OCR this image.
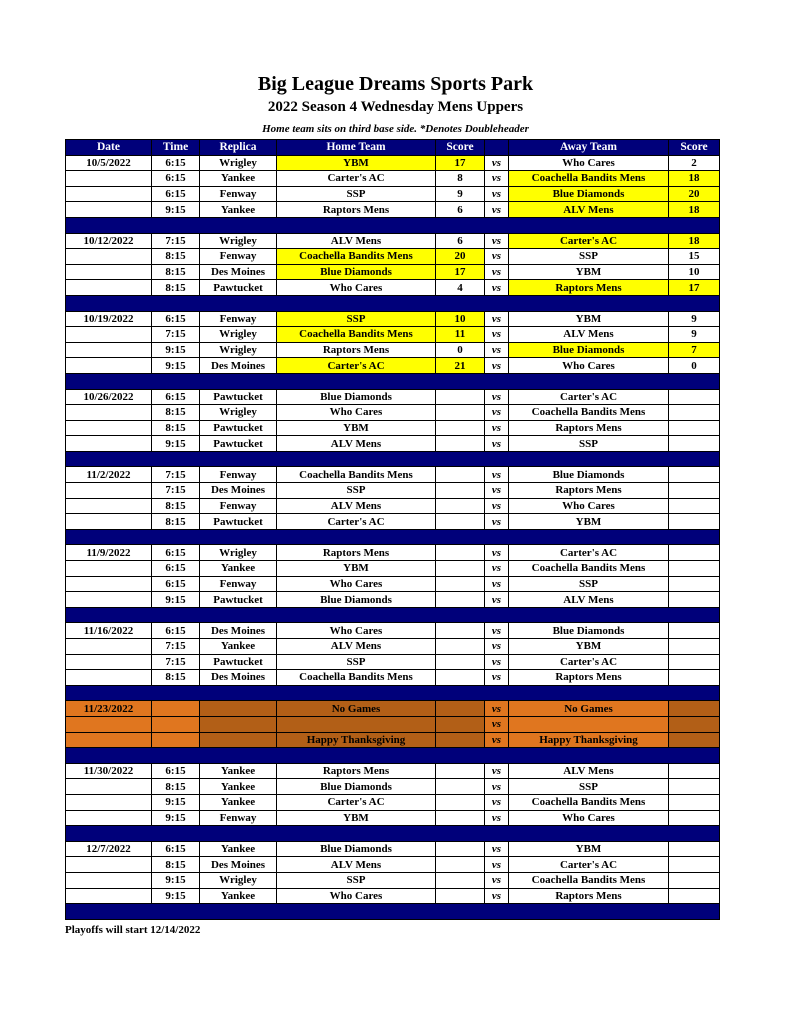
Big League Dreams Sports Park
2022 Season 4 Wednesday Mens Uppers
Home team sits on third base side. *Denotes Doubleheader
Date	Time	Replica	Home Team	Score		Away Team	Score
10/5/2022	6:15	Wrigley	YBM	17	vs	Who Cares	2
	6:15	Yankee	Carter's AC	8	vs	Coachella Bandits Mens	18
	6:15	Fenway	SSP	9	vs	Blue Diamonds	20
	9:15	Yankee	Raptors Mens	6	vs	ALV Mens	18

10/12/2022	7:15	Wrigley	ALV Mens	6	vs	Carter's AC	18
	8:15	Fenway	Coachella Bandits Mens	20	vs	SSP	15
	8:15	Des Moines	Blue Diamonds	17	vs	YBM	10
	8:15	Pawtucket	Who Cares	4	vs	Raptors Mens	17

10/19/2022	6:15	Fenway	SSP	10	vs	YBM	9
	7:15	Wrigley	Coachella Bandits Mens	11	vs	ALV Mens	9
	9:15	Wrigley	Raptors Mens	0	vs	Blue Diamonds	7
	9:15	Des Moines	Carter's AC	21	vs	Who Cares	0

10/26/2022	6:15	Pawtucket	Blue Diamonds		vs	Carter's AC	
	8:15	Wrigley	Who Cares		vs	Coachella Bandits Mens	
	8:15	Pawtucket	YBM		vs	Raptors Mens	
	9:15	Pawtucket	ALV Mens		vs	SSP	

11/2/2022	7:15	Fenway	Coachella Bandits Mens		vs	Blue Diamonds	
	7:15	Des Moines	SSP		vs	Raptors Mens	
	8:15	Fenway	ALV Mens		vs	Who Cares	
	8:15	Pawtucket	Carter's AC		vs	YBM	

11/9/2022	6:15	Wrigley	Raptors Mens		vs	Carter's AC	
	6:15	Yankee	YBM		vs	Coachella Bandits Mens	
	6:15	Fenway	Who Cares		vs	SSP	
	9:15	Pawtucket	Blue Diamonds		vs	ALV Mens	

11/16/2022	6:15	Des Moines	Who Cares		vs	Blue Diamonds	
	7:15	Yankee	ALV Mens		vs	YBM	
	7:15	Pawtucket	SSP		vs	Carter's AC	
	8:15	Des Moines	Coachella Bandits Mens		vs	Raptors Mens	

11/23/2022			No Games		vs	No Games	
					vs		
			Happy Thanksgiving		vs	Happy Thanksgiving	

11/30/2022	6:15	Yankee	Raptors Mens		vs	ALV Mens	
	8:15	Yankee	Blue Diamonds		vs	SSP	
	9:15	Yankee	Carter's AC		vs	Coachella Bandits Mens	
	9:15	Fenway	YBM		vs	Who Cares	

12/7/2022	6:15	Yankee	Blue Diamonds		vs	YBM	
	8:15	Des Moines	ALV Mens		vs	Carter's AC	
	9:15	Wrigley	SSP		vs	Coachella Bandits Mens	
	9:15	Yankee	Who Cares		vs	Raptors Mens	

Playoffs will start 12/14/2022
